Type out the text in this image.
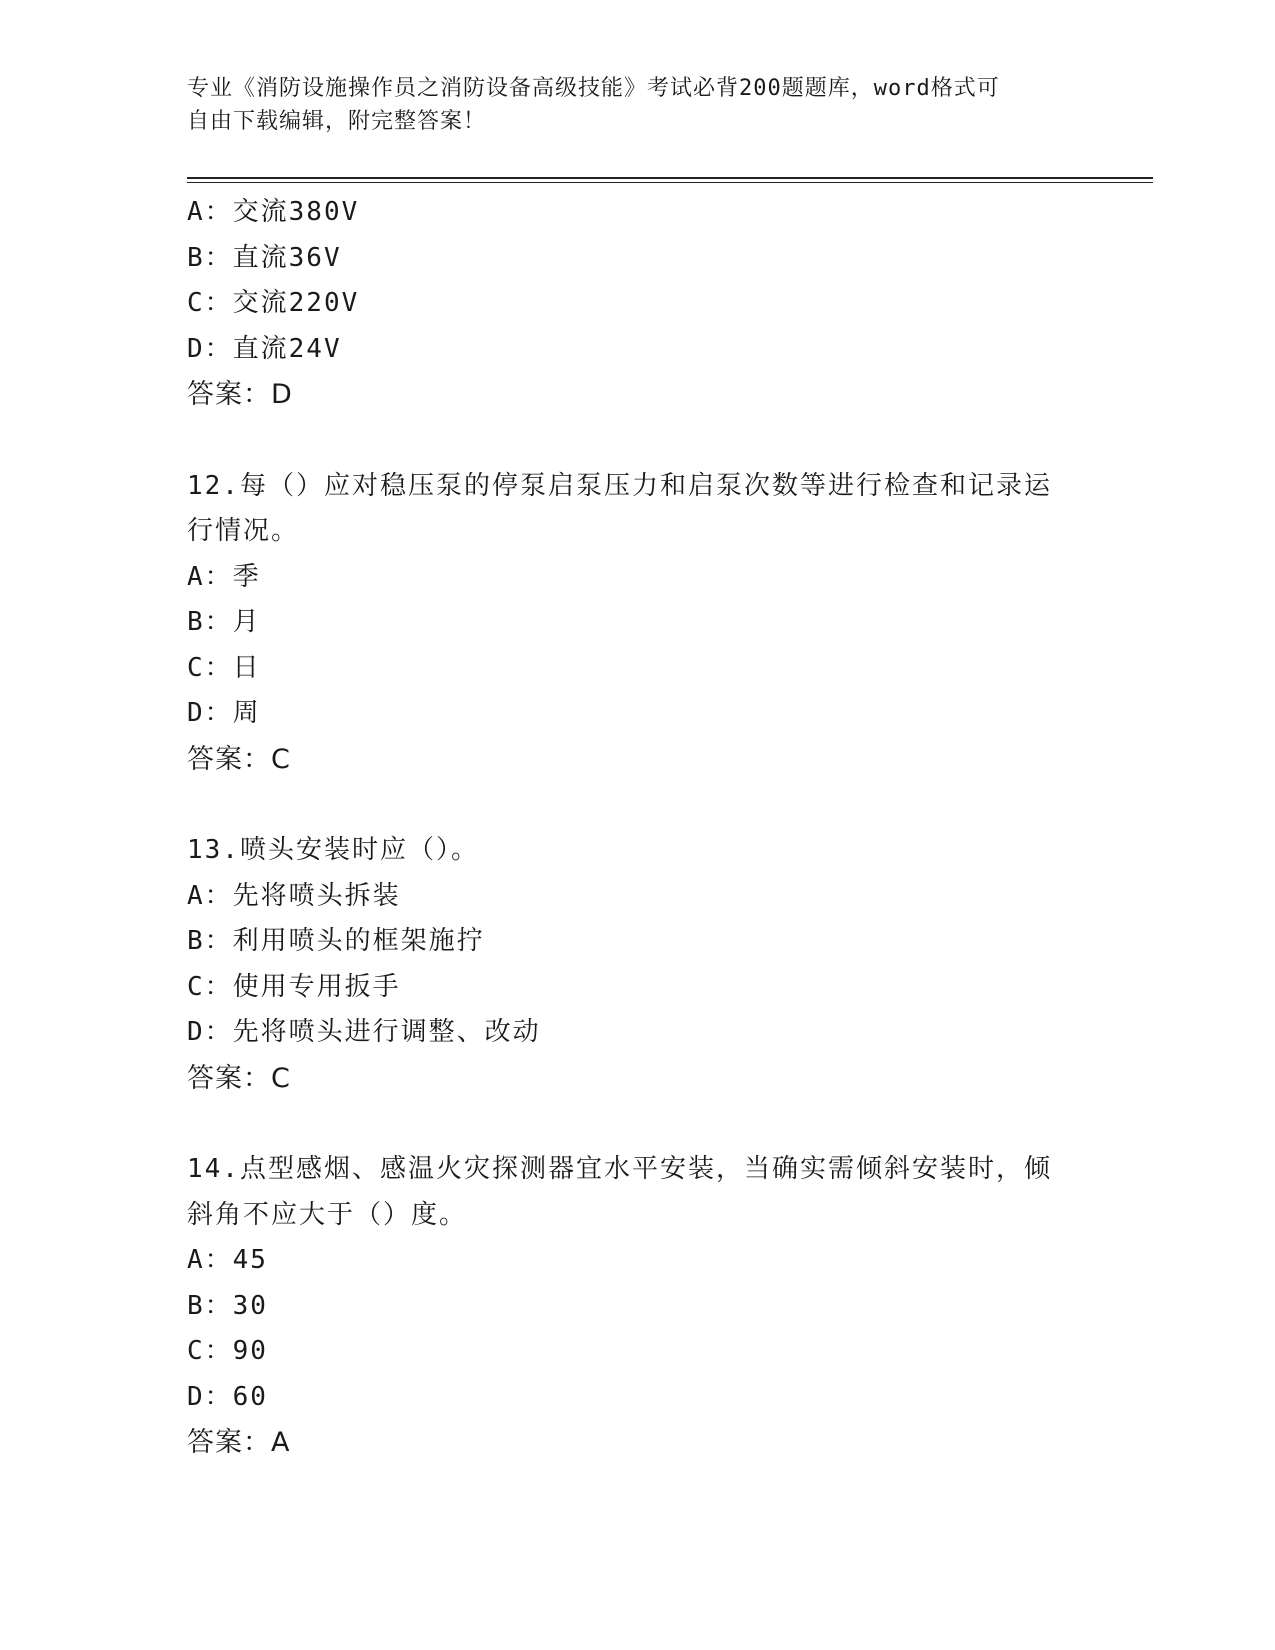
专业《消防设施操作员之消防设备高级技能》考试必背200题题库，word格式可
自由下载编辑，附完整答案！
A：交流380V
B：直流36V
C：交流220V
D：直流24V
答案：D
12.每（）应对稳压泵的停泵启泵压力和启泵次数等进行检查和记录运
行情况。
A：季
B：月
C：日
D：周
答案：C
13.喷头安装时应（）。
A：先将喷头拆装
B：利用喷头的框架施拧
C：使用专用扳手
D：先将喷头进行调整、改动
答案：C
14.点型感烟、感温火灾探测器宜水平安装，当确实需倾斜安装时，倾
斜角不应大于（）度。
A：45
B：30
C：90
D：60
答案：A
